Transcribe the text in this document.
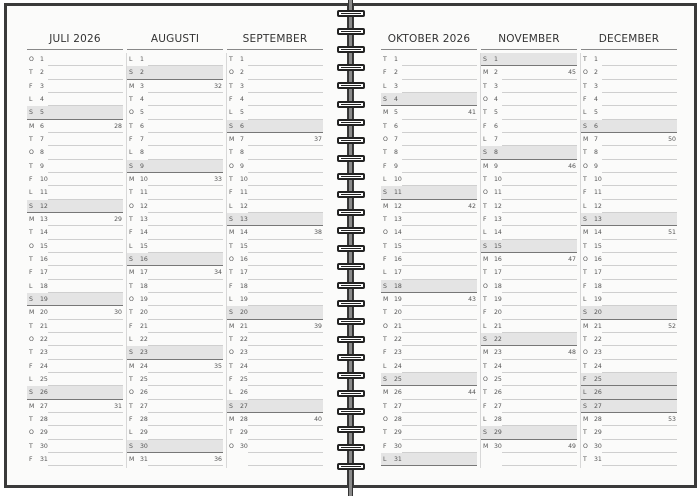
JULI 2026
O 1
T 2
F 3
L 4
S 5
M 6	28
T 7
O 8
T 9
F 10
L 11
S 12
M 13	29
T 14
O 15
T 16
F 17
L 18
S 19
M 20	30
T 21
O 22
T 23
F 24
L 25
S 26
M 27	31
T 28
O 29
T 30
F 31
AUGUSTI
L 1
S 2
M 3	32
T 4
O 5
T 6
F 7
L 8
S 9
M 10	33
T 11
O 12
T 13
F 14
L 15
S 16
M 17	34
T 18
O 19
T 20
F 21
L 22
S 23
M 24	35
T 25
O 26
T 27
F 28
L 29
S 30
M 31	36
SEPTEMBER
T 1
O 2
T 3
F 4
L 5
S 6
M 7	37
T 8
O 9
T 10
F 11
L 12
S 13
M 14	38
T 15
O 16
T 17
F 18
L 19
S 20
M 21	39
T 22
O 23
T 24
F 25
L 26
S 27
M 28	40
T 29
O 30
OKTOBER 2026
T 1
F 2
L 3
S 4
M 5	41
T 6
O 7
T 8
F 9
L 10
S 11
M 12	42
T 13
O 14
T 15
F 16
L 17
S 18
M 19	43
T 20
O 21
T 22
F 23
L 24
S 25
M 26	44
T 27
O 28
T 29
F 30
L 31
NOVEMBER
S 1
M 2	45
T 3
O 4
T 5
F 6
L 7
S 8
M 9	46
T 10
O 11
T 12
F 13
L 14
S 15
M 16	47
T 17
O 18
T 19
F 20
L 21
S 22
M 23	48
T 24
O 25
T 26
F 27
L 28
S 29
M 30	49
DECEMBER
T 1
O 2
T 3
F 4
L 5
S 6
M 7	50
T 8
O 9
T 10
F 11
L 12
S 13
M 14	51
T 15
O 16
T 17
F 18
L 19
S 20
M 21	52
T 22
O 23
T 24
F 25
L 26
S 27
M 28	53
T 29
O 30
T 31
